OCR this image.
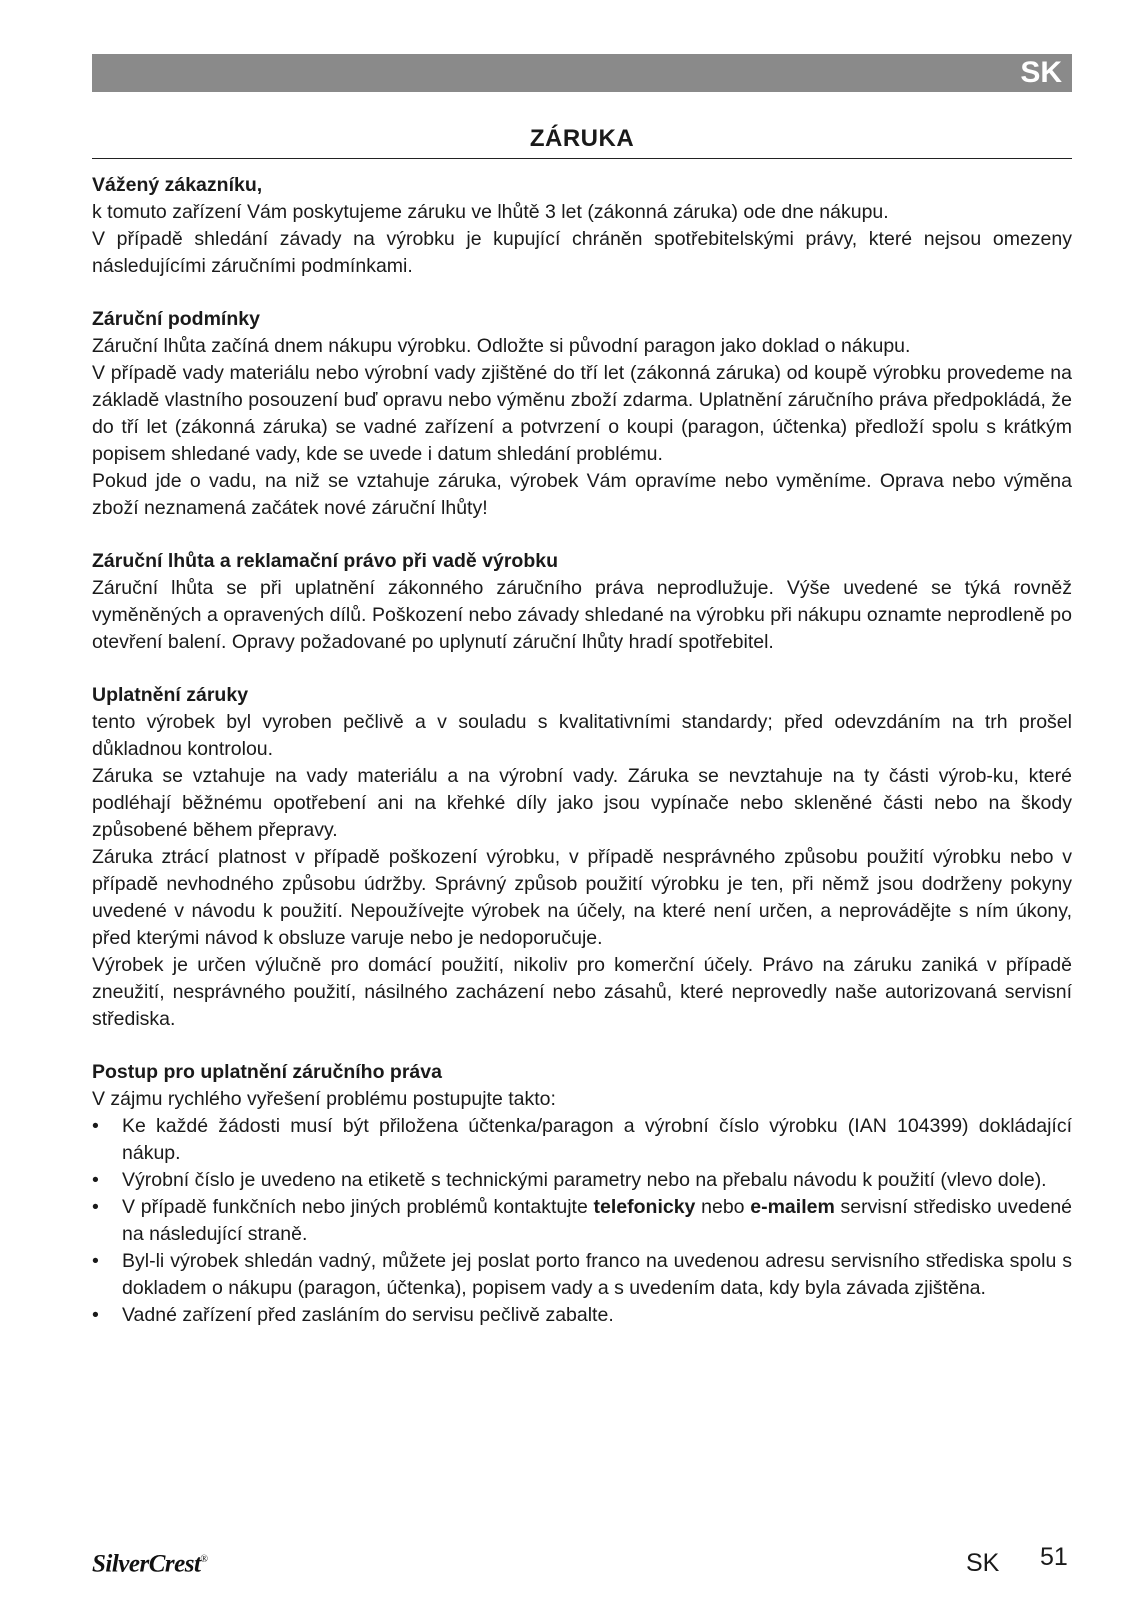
SK
ZÁRUKA
Vážený zákazníku,

k tomuto zařízení Vám poskytujeme záruku ve lhůtě 3 let (zákonná záruka) ode dne nákupu.

V případě shledání závady na výrobku je kupující chráněn spotřebitelskými právy, které nejsou omezeny následujícími záručními podmínkami.

Záruční podmínky

Záruční lhůta začíná dnem nákupu výrobku. Odložte si původní paragon jako doklad o nákupu.

V případě vady materiálu nebo výrobní vady zjištěné do tří let (zákonná záruka) od koupě výrobku provedeme na základě vlastního posouzení buď opravu nebo výměnu zboží zdarma. Uplatnění záručního práva předpokládá, že do tří let (zákonná záruka) se vadné zařízení a potvrzení o koupi (paragon, účtenka) předloží spolu s krátkým popisem shledané vady, kde se uvede i datum shledání problému.

Pokud jde o vadu, na niž se vztahuje záruka, výrobek Vám opravíme nebo vyměníme. Oprava nebo výměna zboží neznamená začátek nové záruční lhůty!

Záruční lhůta a reklamační právo při vadě výrobku

Záruční lhůta se při uplatnění zákonného záručního práva neprodlužuje. Výše uvedené se týká rovněž vyměněných a opravených dílů. Poškození nebo závady shledané na výrobku při nákupu oznamte neprodleně po otevření balení. Opravy požadované po uplynutí záruční lhůty hradí spotřebitel.

Uplatnění záruky

tento výrobek byl vyroben pečlivě a v souladu s kvalitativními standardy; před odevzdáním na trh prošel důkladnou kontrolou.

Záruka se vztahuje na vady materiálu a na výrobní vady. Záruka se nevztahuje na ty části výrob-ku, které podléhají běžnému opotřebení ani na křehké díly jako jsou vypínače nebo skleněné části nebo na škody způsobené během přepravy.

Záruka ztrácí platnost v případě poškození výrobku, v případě nesprávného způsobu použití výrobku nebo v případě nevhodného způsobu údržby. Správný způsob použití výrobku je ten, při němž jsou dodrženy pokyny uvedené v návodu k použití. Nepoužívejte výrobek na účely, na které není určen, a neprovádějte s ním úkony, před kterými návod k obsluze varuje nebo je nedoporučuje.

Výrobek je určen výlučně pro domácí použití, nikoliv pro komerční účely. Právo na záruku zaniká v případě zneužití, nesprávného použití, násilného zacházení nebo zásahů, které neprovedly naše autorizovaná servisní střediska.

Postup pro uplatnění záručního práva

V zájmu rychlého vyřešení problému postupujte takto:

•	Ke každé žádosti musí být přiložena účtenka/paragon a výrobní číslo výrobku (IAN 104399) dokládající nákup.
•	Výrobní číslo je uvedeno na etiketě s technickými parametry nebo na přebalu návodu k použití (vlevo dole).
•	V případě funkčních nebo jiných problémů kontaktujte telefonicky nebo e-mailem servisní středisko uvedené na následující straně.
•	Byl-li výrobek shledán vadný, můžete jej poslat porto franco na uvedenou adresu servisního střediska spolu s dokladem o nákupu (paragon, účtenka), popisem vady a s uvedením data, kdy byla závada zjištěna.
•	Vadné zařízení před zasláním do servisu pečlivě zabalte.
SilverCrest®	SK 51
